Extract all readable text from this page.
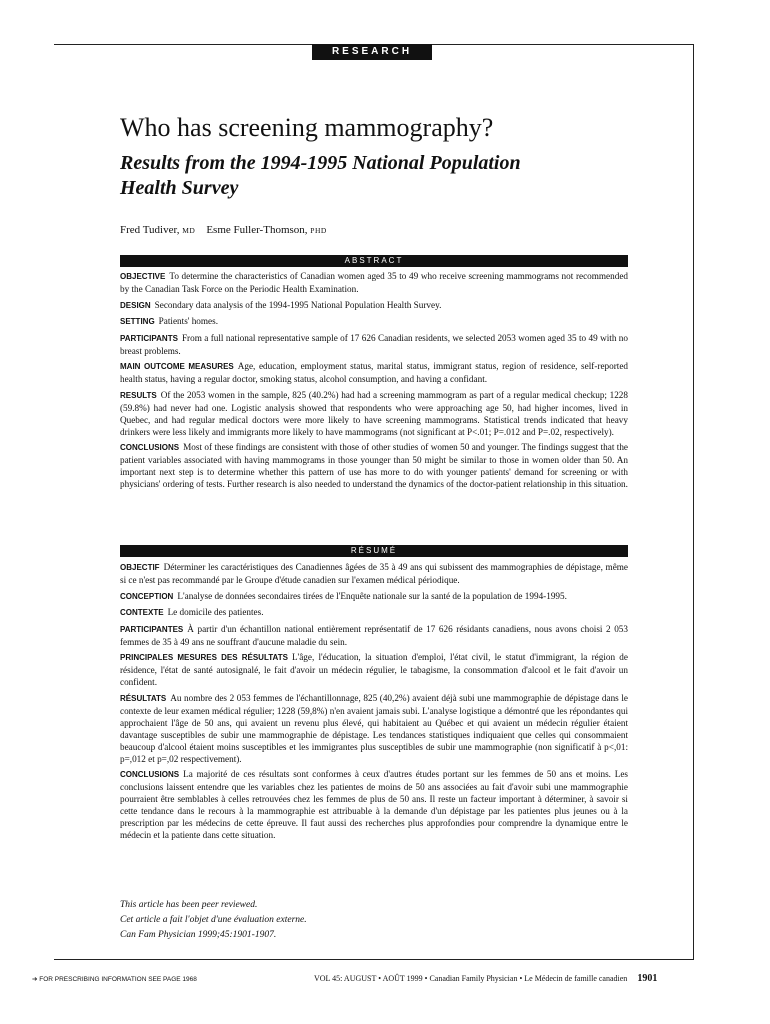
RESEARCH
Who has screening mammography?
Results from the 1994-1995 National Population Health Survey
Fred Tudiver, MD Esme Fuller-Thomson, PHD
ABSTRACT

OBJECTIVE To determine the characteristics of Canadian women aged 35 to 49 who receive screening mammograms not recommended by the Canadian Task Force on the Periodic Health Examination.

DESIGN Secondary data analysis of the 1994-1995 National Population Health Survey.

SETTING Patients' homes.

PARTICIPANTS From a full national representative sample of 17 626 Canadian residents, we selected 2053 women aged 35 to 49 with no breast problems.

MAIN OUTCOME MEASURES Age, education, employment status, marital status, immigrant status, region of residence, self-reported health status, having a regular doctor, smoking status, alcohol consumption, and having a confidant.

RESULTS Of the 2053 women in the sample, 825 (40.2%) had had a screening mammogram as part of a regular medical checkup; 1228 (59.8%) had never had one. Logistic analysis showed that respondents who were approaching age 50, had higher incomes, lived in Quebec, and had regular medical doctors were more likely to have screening mammograms. Statistical trends indicated that heavy drinkers were less likely and immigrants more likely to have mammograms (not significant at P<.01; P=.012 and P=.02, respectively).

CONCLUSIONS Most of these findings are consistent with those of other studies of women 50 and younger. The findings suggest that the patient variables associated with having mammograms in those younger than 50 might be similar to those in women older than 50. An important next step is to determine whether this pattern of use has more to do with younger patients' demand for screening or with physicians' ordering of tests. Further research is also needed to understand the dynamics of the doctor-patient relationship in this situation.

RÉSUMÉ

OBJECTIF Déterminer les caractéristiques des Canadiennes âgées de 35 à 49 ans qui subissent des mammographies de dépistage, même si ce n'est pas recommandé par le Groupe d'étude canadien sur l'examen médical périodique.

CONCEPTION L'analyse de données secondaires tirées de l'Enquête nationale sur la santé de la population de 1994-1995.

CONTEXTE Le domicile des patientes.

PARTICIPANTES À partir d'un échantillon national entièrement représentatif de 17 626 résidants canadiens, nous avons choisi 2 053 femmes de 35 à 49 ans ne souffrant d'aucune maladie du sein.

PRINCIPALES MESURES DES RÉSULTATS L'âge, l'éducation, la situation d'emploi, l'état civil, le statut d'immigrant, la région de résidence, l'état de santé autosignalé, le fait d'avoir un médecin régulier, le tabagisme, la consommation d'alcool et le fait d'avoir un confident.

RÉSULTATS Au nombre des 2 053 femmes de l'échantillonnage, 825 (40,2%) avaient déjà subi une mammographie de dépistage dans le contexte de leur examen médical régulier; 1228 (59,8%) n'en avaient jamais subi. L'analyse logistique a démontré que les répondantes qui approchaient l'âge de 50 ans, qui avaient un revenu plus élevé, qui habitaient au Québec et qui avaient un médecin régulier étaient davantage susceptibles de subir une mammographie de dépistage. Les tendances statistiques indiquaient que celles qui consommaient beaucoup d'alcool étaient moins susceptibles et les immigrantes plus susceptibles de subir une mammographie (non significatif à p<,01: p=,012 et p=,02 respectivement).

CONCLUSIONS La majorité de ces résultats sont conformes à ceux d'autres études portant sur les femmes de 50 ans et moins. Les conclusions laissent entendre que les variables chez les patientes de moins de 50 ans associées au fait d'avoir subi une mammographie pourraient être semblables à celles retrouvées chez les femmes de plus de 50 ans. Il reste un facteur important à déterminer, à savoir si cette tendance dans le recours à la mammographie est attribuable à la demande d'un dépistage par les patientes plus jeunes ou à la prescription par les médecins de cette épreuve. Il faut aussi des recherches plus approfondies pour comprendre la dynamique entre le médecin et la patiente dans cette situation.

This article has been peer reviewed.
Cet article a fait l'objet d'une évaluation externe.
Can Fam Physician 1999;45:1901-1907.
➔ FOR PRESCRIBING INFORMATION SEE PAGE 1968	VOL 45: AUGUST • AOÛT 1999 • Canadian Family Physician • Le Médecin de famille canadien 1901
